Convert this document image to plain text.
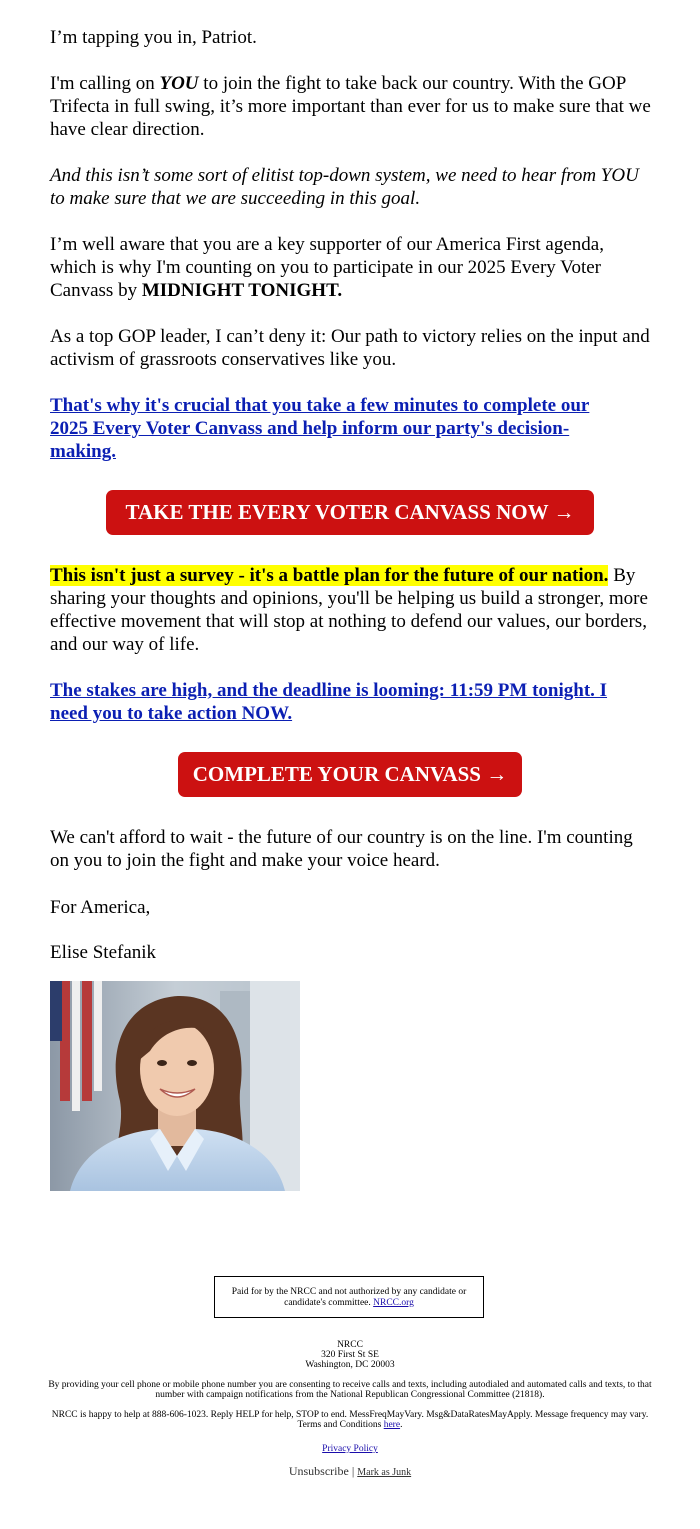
I’m tapping you in, Patriot.

I'm calling on YOU to join the fight to take back our country. With the GOP Trifecta in full swing, it’s more important than ever for us to make sure that we have clear direction.

And this isn’t some sort of elitist top-down system, we need to hear from YOU to make sure that we are succeeding in this goal.

I’m well aware that you are a key supporter of our America First agenda, which is why I'm counting on you to participate in our 2025 Every Voter Canvass by MIDNIGHT TONIGHT.

As a top GOP leader, I can’t deny it: Our path to victory relies on the input and activism of grassroots conservatives like you.

That's why it's crucial that you take a few minutes to complete our 2025 Every Voter Canvass and help inform our party's decision-making.

TAKE THE EVERY VOTER CANVASS NOW →

This isn't just a survey - it's a battle plan for the future of our nation. By sharing your thoughts and opinions, you'll be helping us build a stronger, more effective movement that will stop at nothing to defend our values, our borders, and our way of life.

The stakes are high, and the deadline is looming: 11:59 PM tonight. I need you to take action NOW.

COMPLETE YOUR CANVASS →

We can't afford to wait - the future of our country is on the line. I'm counting on you to join the fight and make your voice heard.

For America,

Elise Stefanik

Paid for by the NRCC and not authorized by any candidate or candidate's committee. NRCC.org
NRCC
320 First St SE
Washington, DC 20003
By providing your cell phone or mobile phone number you are consenting to receive calls and texts, including autodialed and automated calls and texts, to that number with campaign notifications from the National Republican Congressional Committee (21818).
NRCC is happy to help at 888-606-1023. Reply HELP for help, STOP to end. MessFreqMayVary. Msg&DataRatesMayApply. Message frequency may vary. Terms and Conditions here.
Privacy Policy
Unsubscribe | Mark as Junk
